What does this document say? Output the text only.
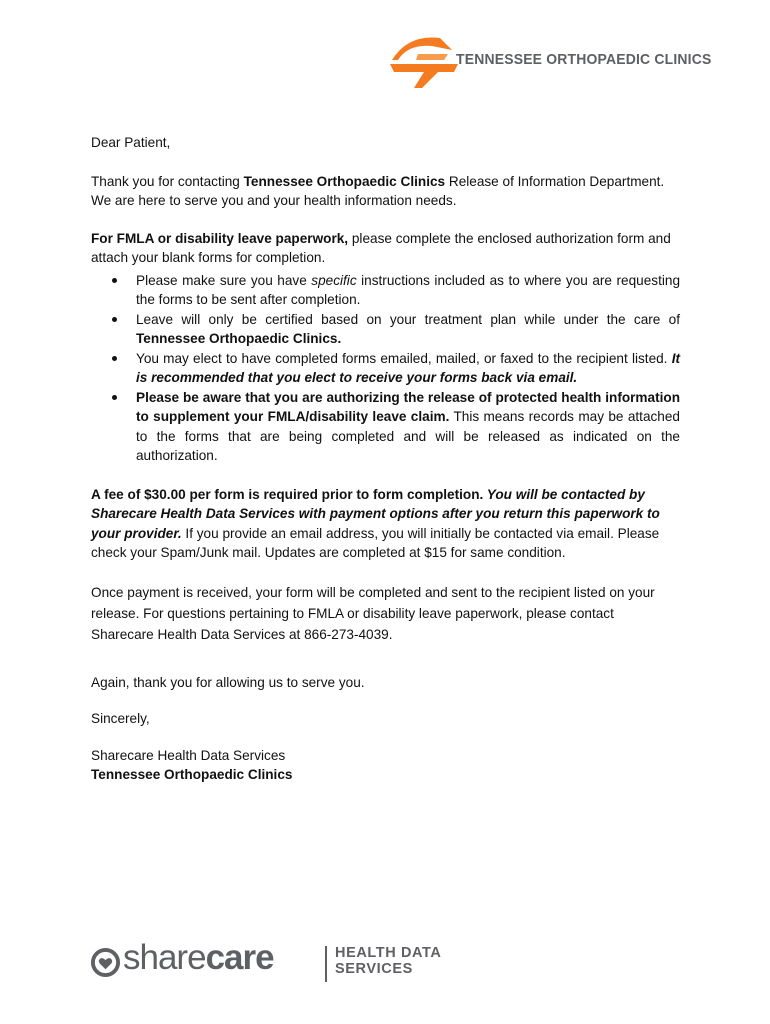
TENNESSEE ORTHOPAEDIC CLINICS

Dear Patient,

Thank you for contacting Tennessee Orthopaedic Clinics Release of Information Department. We are here to serve you and your health information needs.

For FMLA or disability leave paperwork, please complete the enclosed authorization form and attach your blank forms for completion.

Please make sure you have specific instructions included as to where you are requesting the forms to be sent after completion.
Leave will only be certified based on your treatment plan while under the care of Tennessee Orthopaedic Clinics.
You may elect to have completed forms emailed, mailed, or faxed to the recipient listed. It is recommended that you elect to receive your forms back via email.
Please be aware that you are authorizing the release of protected health information to supplement your FMLA/disability leave claim. This means records may be attached to the forms that are being completed and will be released as indicated on the authorization.

A fee of $30.00 per form is required prior to form completion. You will be contacted by Sharecare Health Data Services with payment options after you return this paperwork to your provider. If you provide an email address, you will initially be contacted via email. Please check your Spam/Junk mail. Updates are completed at $15 for same condition.

Once payment is received, your form will be completed and sent to the recipient listed on your release. For questions pertaining to FMLA or disability leave paperwork, please contact Sharecare Health Data Services at 866-273-4039.

Again, thank you for allowing us to serve you.

Sincerely,

Sharecare Health Data Services

Tennessee Orthopaedic Clinics

sharecare	HEALTH DATA
SERVICES
